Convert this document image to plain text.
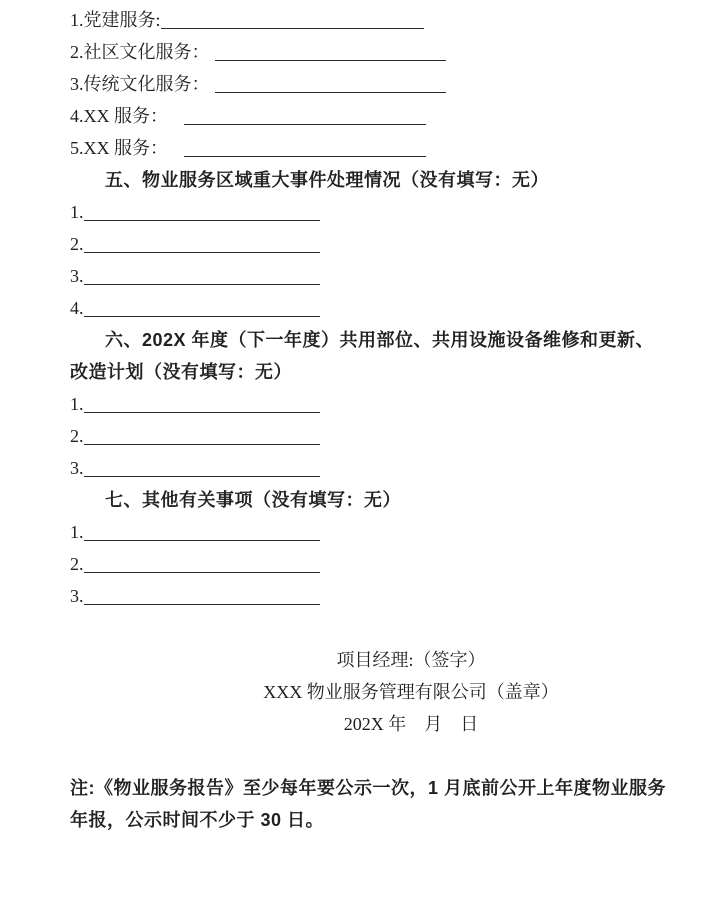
1.党建服务:
2.社区文化服务：
3.传统文化服务：
4.XX 服务：
5.XX 服务：
五、物业服务区域重大事件处理情况（没有填写：无）
1.
2.
3.
4.
六、202X 年度（下一年度）共用部位、共用设施设备维修和更新、
改造计划（没有填写：无）
1.
2.
3.
七、其他有关事项（没有填写：无）
1.
2.
3.
项目经理:（签字）
XXX 物业服务管理有限公司（盖章）
202X 年　月　日
注:《物业服务报告》至少每年要公示一次，1 月底前公开上年度物业服务
年报，公示时间不少于 30 日。
